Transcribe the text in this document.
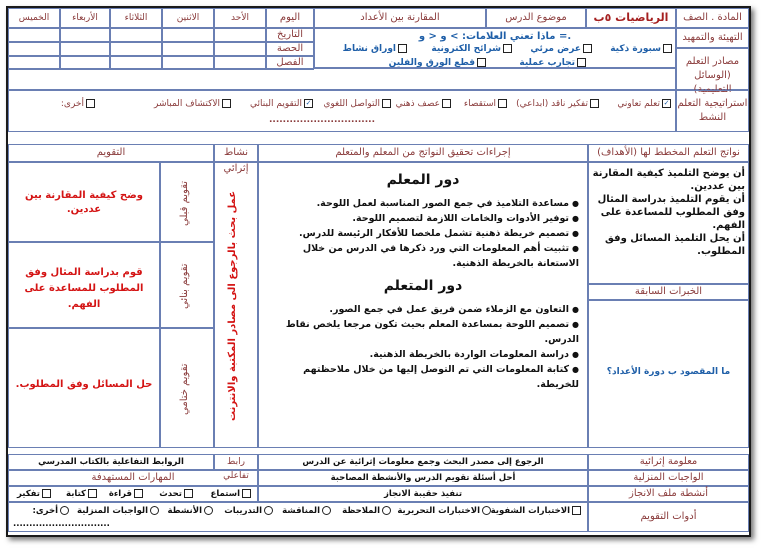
المادة . الصف
الرياضيات ٥ب
موضوع الدرس
المقارنة بين الأعداد
اليوم
الأحد
الاثنين
الثلاثاء
الأربعاء
الخميس
التهيئة والتمهيد
ماذا تعني العلامات: > و < و =.
التاريخ
الحصة
الفصل	مصادر التعلم (الوسائل التعليمية)
سبورة ذكية
عرض مرئي
شرائح الكترونية
اوراق نشاط
تجارب عملية
قطع الورق والفلين
استراتيجية التعلم النشط
✓تعلم تعاوني
تفكير ناقد (ابداعي)
استقصاء
عصف ذهني
التواصل اللغوي
✓التقويم البنائي
الاكتشاف المباشر
أخرى:
...............................
نواتج التعلم المخطط لها (الأهداف)
إجراءات تحقيق النواتج من المعلم والمتعلم
نشاط إثرائي
التقويم
أن يوضح التلميذ كيفية المقارنة بين عددين.
أن يقوم التلميذ بدراسة المثال وفق المطلوب للمساعدة على الفهم.
أن يحل التلميذ المسائل وفق المطلوب.
الخبرات السابقة
ما المقصود ب دورة الأعداد؟
دور المعلم
● مساعدة التلاميذ في جمع الصور المناسبة لعمل اللوحة.
● توفير الأدوات والخامات اللازمة لتصميم اللوحة.
● تصميم خريطة ذهنية تشمل ملخصا للأفكار الرئيسة للدرس.
● تثبيت أهم المعلومات التي ورد ذكرها في الدرس من خلال الاستعانة بالخريطة الذهنية.
دور المتعلم
● التعاون مع الزملاء ضمن فريق عمل في جمع الصور.
● تصميم اللوحة بمساعدة المعلم بحيث تكون مرجعا يلخص نقاط الدرس.
● دراسة المعلومات الواردة بالخريطة الذهنية.
● كتابة المعلومات التي تم التوصل إليها من خلال ملاحظتهم للخريطة.
عمل بحث بالرجوع الى مصادر المكتبة والانترنت
تقويم قبلي
وضح كيفية المقارنة بين عددين.
تقويم بنائي
قوم بدراسة المثال وفق المطلوب للمساعدة على الفهم.
تقويم ختامي
حل المسائل وفق المطلوب.
معلومة إثرائية
الرجوع إلى مصدر البحث وجمع معلومات إثرائية عن الدرس
رابط تفاعلي
الروابط التفاعلية بالكتاب المدرسي
الواجبات المنزلية
أحل أسئلة تقويم الدرس والأنشطة المصاحبة
المهارات المستهدفة
أنشطة ملف الانجاز
تنفيذ حقيبة الانجاز
استماع
تحدث
قراءة
كتابة
تفكير
أدوات التقويم
الاختبارات الشفوية
الاختبارات التحريرية
الملاحظة
المناقشة
التدريبات
الأنشطة
الواجبات المنزلية
أخرى:
..............................
